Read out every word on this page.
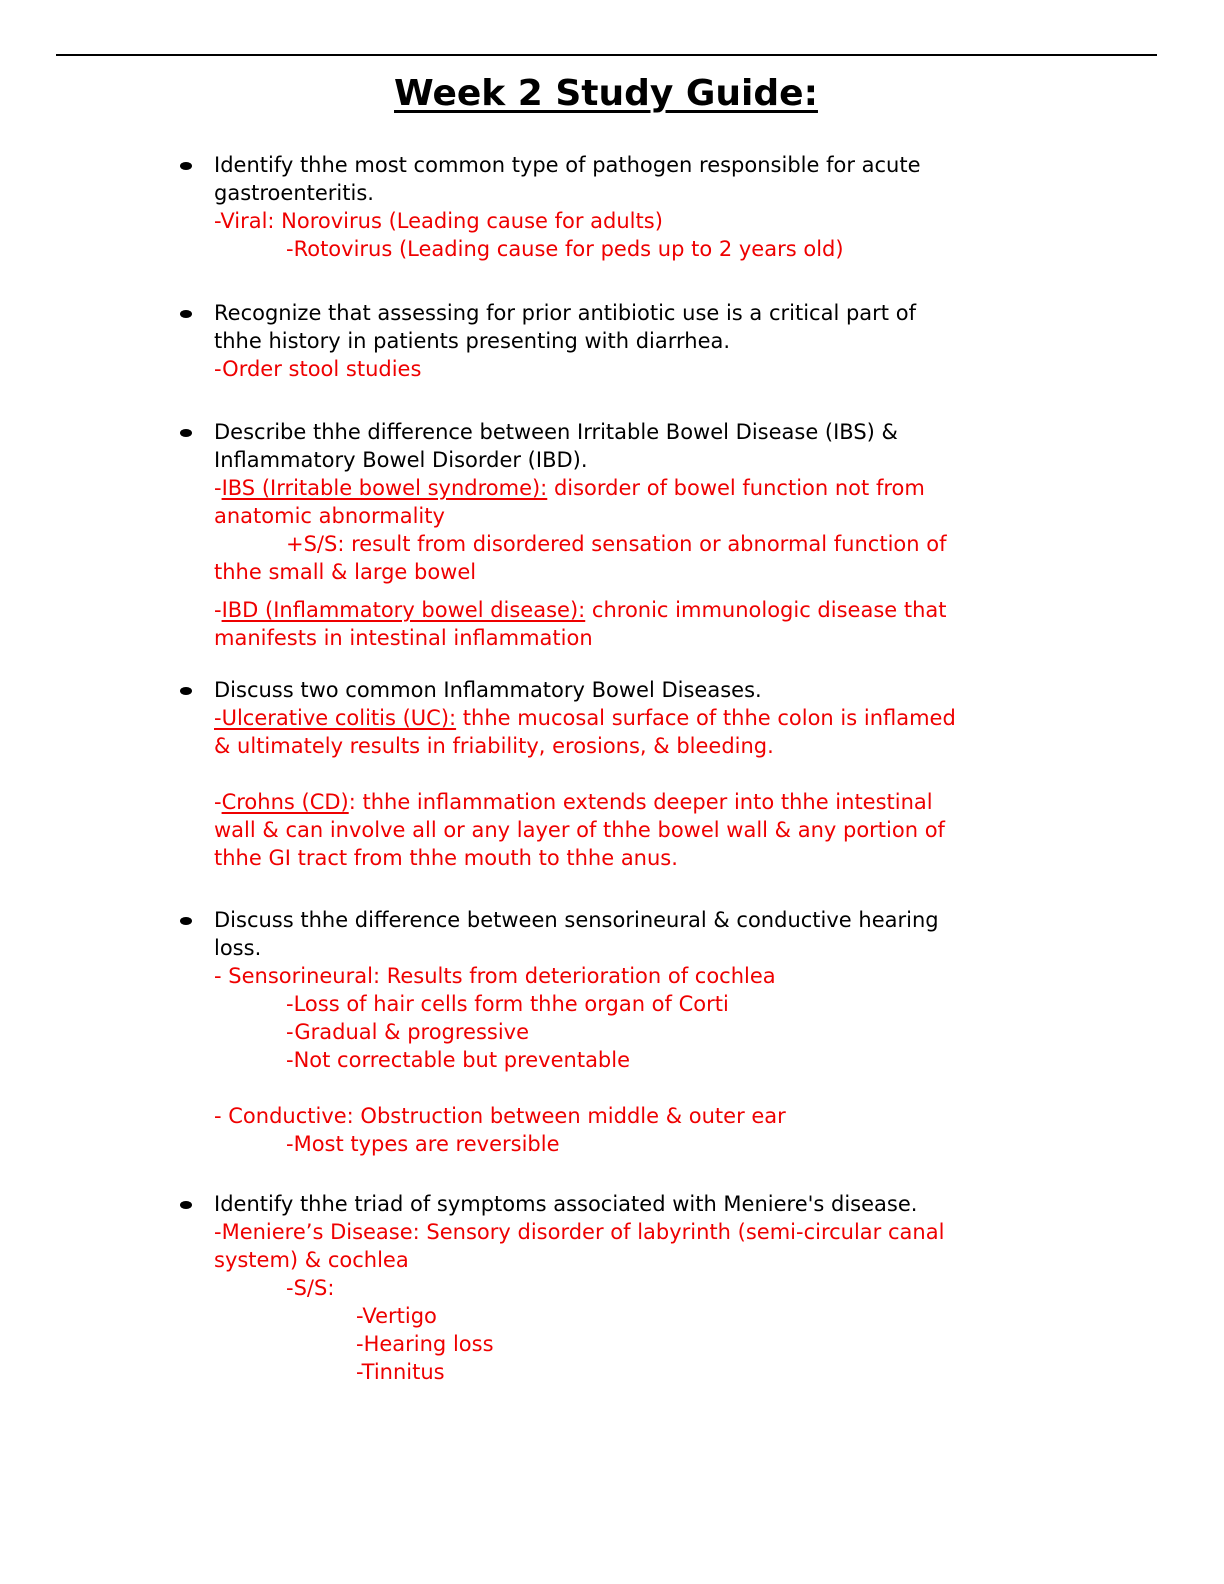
Week 2 Study Guide:
Identify thhe most common type of pathogen responsible for acute
gastroenteritis.
-Viral: Norovirus (Leading cause for adults)
-Rotovirus (Leading cause for peds up to 2 years old)
Recognize that assessing for prior antibiotic use is a critical part of
thhe history in patients presenting with diarrhea.
-Order stool studies
Describe thhe difference between Irritable Bowel Disease (IBS) &
Inflammatory Bowel Disorder (IBD).
-IBS (Irritable bowel syndrome): disorder of bowel function not from
anatomic abnormality
+S/S: result from disordered sensation or abnormal function of
thhe small & large bowel
-IBD (Inflammatory bowel disease): chronic immunologic disease that
manifests in intestinal inflammation
Discuss two common Inflammatory Bowel Diseases.
-Ulcerative colitis (UC): thhe mucosal surface of thhe colon is inflamed
& ultimately results in friability, erosions, & bleeding.
-Crohns (CD): thhe inflammation extends deeper into thhe intestinal
wall & can involve all or any layer of thhe bowel wall & any portion of
thhe GI tract from thhe mouth to thhe anus.
Discuss thhe difference between sensorineural & conductive hearing
loss.
- Sensorineural: Results from deterioration of cochlea
-Loss of hair cells form thhe organ of Corti
-Gradual & progressive
-Not correctable but preventable
- Conductive: Obstruction between middle & outer ear
-Most types are reversible
Identify thhe triad of symptoms associated with Meniere's disease.
-Meniere’s Disease: Sensory disorder of labyrinth (semi-circular canal
system) & cochlea
-S/S:
-Vertigo
-Hearing loss
-Tinnitus
